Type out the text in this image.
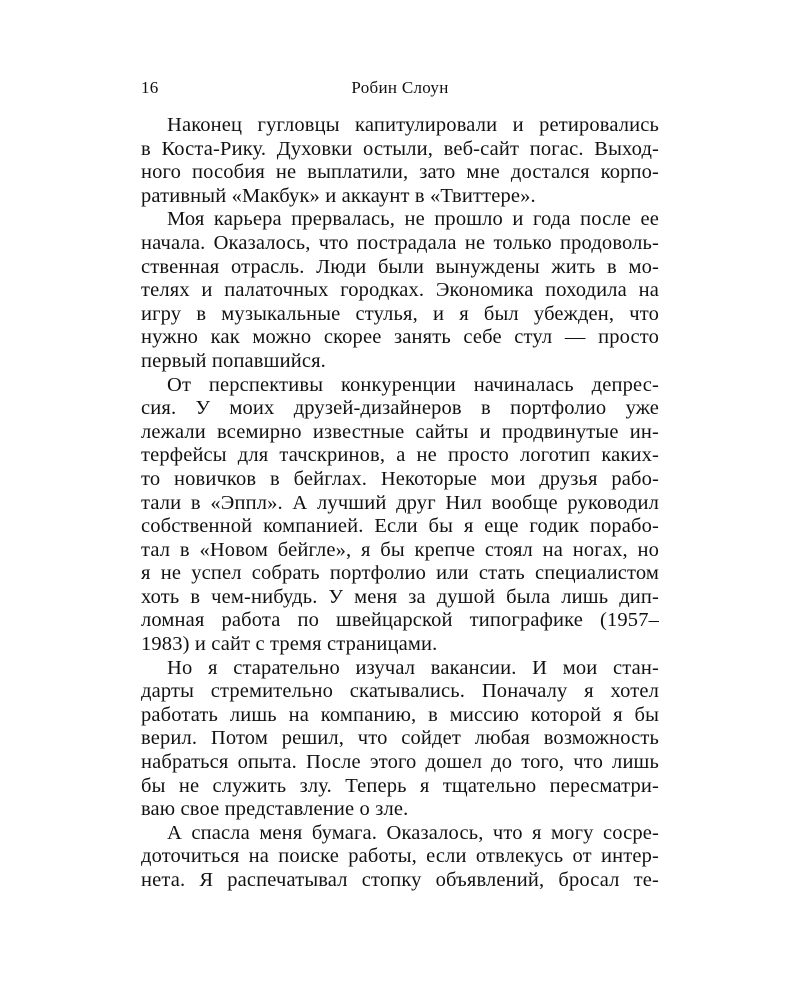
16	Робин Слоун
Наконец гугловцы капитулировали и ретировались
в Коста-Рику. Духовки остыли, веб-сайт погас. Выход-
ного пособия не выплатили, зато мне достался корпо-
ративный «Макбук» и аккаунт в «Твиттере».
Моя карьера прервалась, не прошло и года после ее
начала. Оказалось, что пострадала не только продоволь-
ственная отрасль. Люди были вынуждены жить в мо-
телях и палаточных городках. Экономика походила на
игру в музыкальные стулья, и я был убежден, что
нужно как можно скорее занять себе стул — просто
первый попавшийся.
От перспективы конкуренции начиналась депрес-
сия. У моих друзей-дизайнеров в портфолио уже
лежали всемирно известные сайты и продвинутые ин-
терфейсы для тачскринов, а не просто логотип каких-
то новичков в бейглах. Некоторые мои друзья рабо-
тали в «Эппл». А лучший друг Нил вообще руководил
собственной компанией. Если бы я еще годик порабо-
тал в «Новом бейгле», я бы крепче стоял на ногах, но
я не успел собрать портфолио или стать специалистом
хоть в чем-нибудь. У меня за душой была лишь дип-
ломная работа по швейцарской типографике (1957–
1983) и сайт с тремя страницами.
Но я старательно изучал вакансии. И мои стан-
дарты стремительно скатывались. Поначалу я хотел
работать лишь на компанию, в миссию которой я бы
верил. Потом решил, что сойдет любая возможность
набраться опыта. После этого дошел до того, что лишь
бы не служить злу. Теперь я тщательно пересматри-
ваю свое представление о зле.
А спасла меня бумага. Оказалось, что я могу сосре-
доточиться на поиске работы, если отвлекусь от интер-
нета. Я распечатывал стопку объявлений, бросал те-
